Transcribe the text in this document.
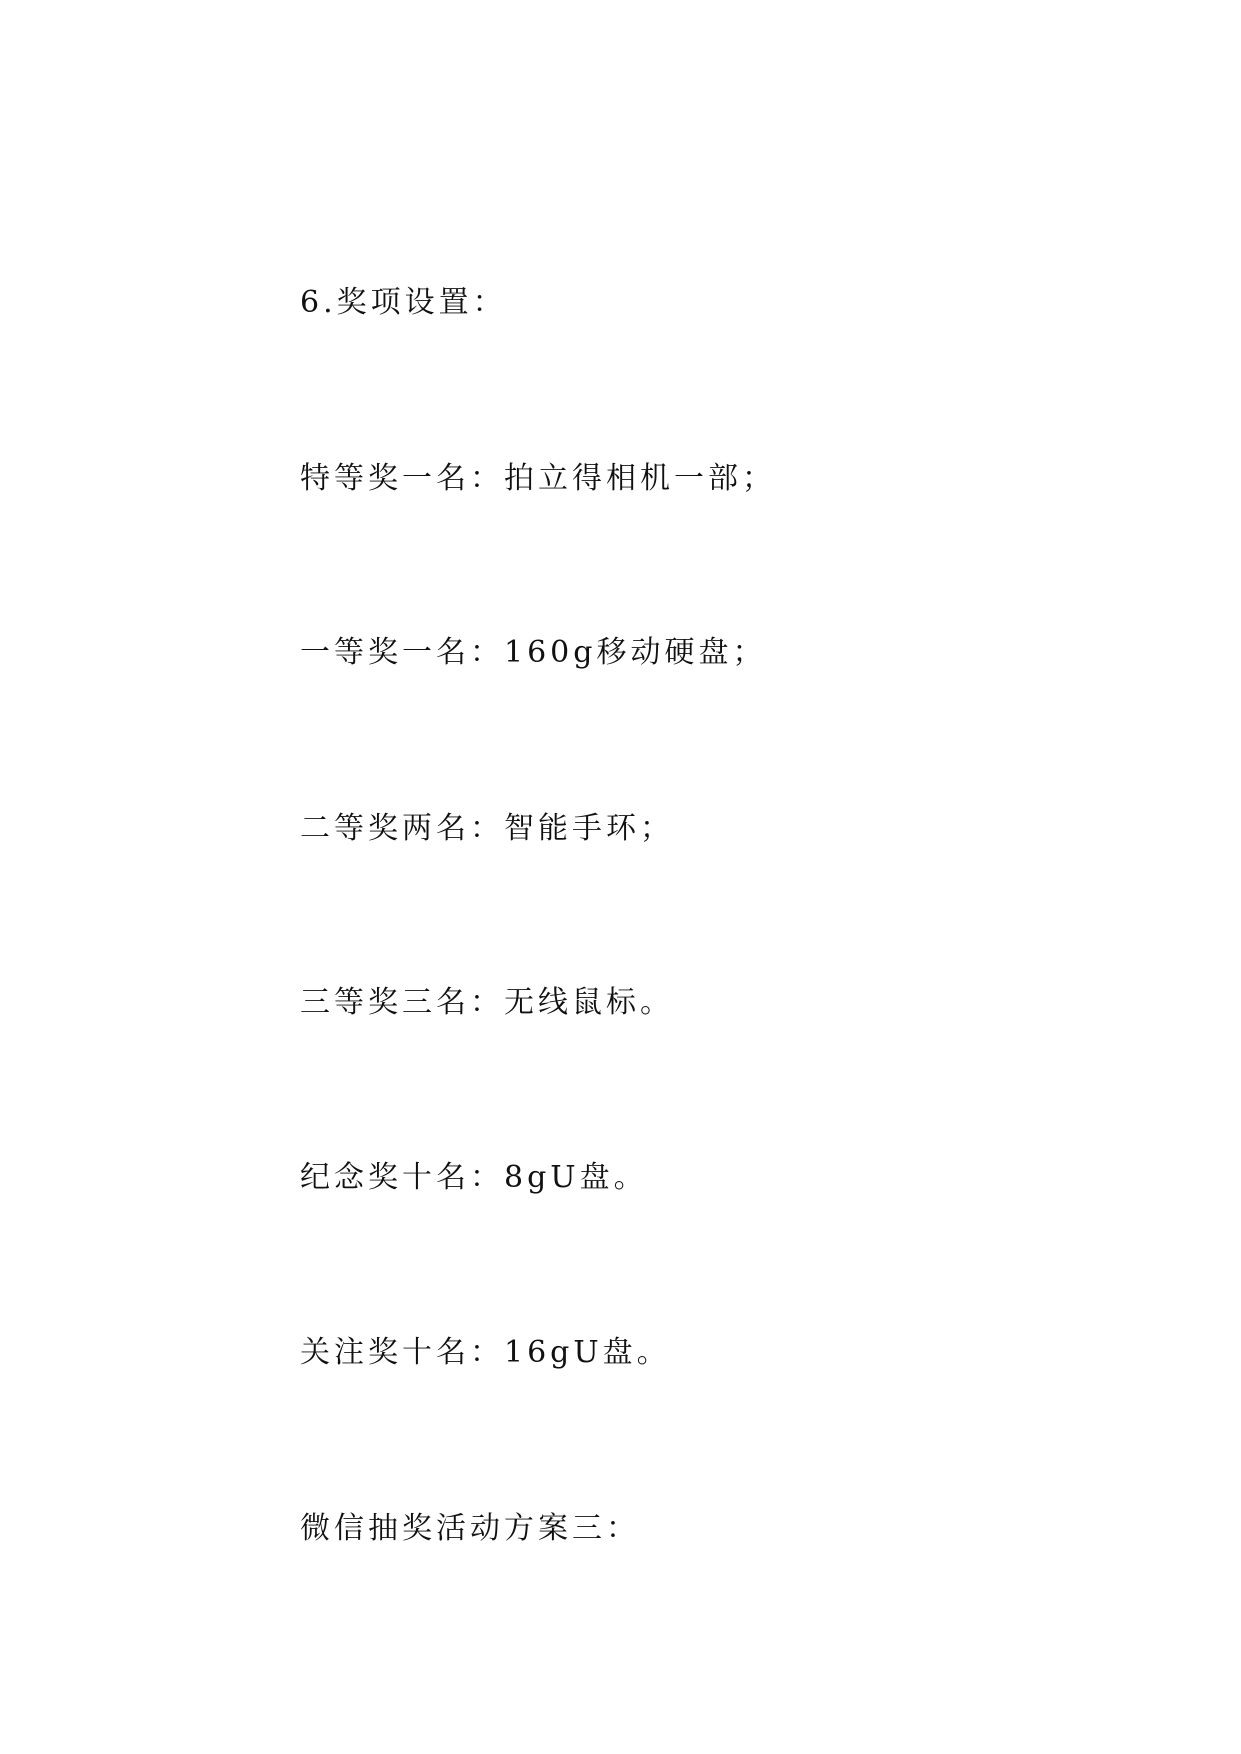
6.奖项设置：
特等奖一名：拍立得相机一部；
一等奖一名：160g移动硬盘；
二等奖两名：智能手环；
三等奖三名：无线鼠标。
纪念奖十名：8gU盘。
关注奖十名：16gU盘。
微信抽奖活动方案三：
